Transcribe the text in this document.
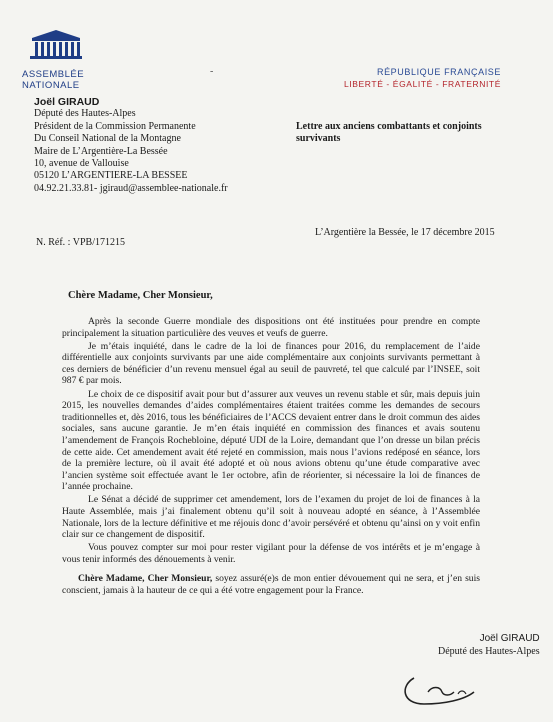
ASSEMBLÉE
NATIONALE
-	RÉPUBLIQUE FRANÇAISE
LIBERTÉ - ÉGALITÉ - FRATERNITÉ
Joël GIRAUD
Député des Hautes-Alpes
Président de la Commission Permanente
Du Conseil National de la Montagne
Maire de L’Argentière-La Bessée
10, avenue de Vallouise
05120 L’ARGENTIERE-LA BESSEE
04.92.21.33.81- jgiraud@assemblee-nationale.fr
Lettre aux anciens combattants et conjoints survivants
L’Argentière la Bessée, le 17 décembre 2015
N. Réf. : VPB/171215
Chère Madame, Cher Monsieur,

Après la seconde Guerre mondiale des dispositions ont été instituées pour prendre en compte principalement la situation particulière des veuves et veufs de guerre.

Je m’étais inquiété, dans le cadre de la loi de finances pour 2016, du remplacement de l’aide différentielle aux conjoints survivants par une aide complémentaire aux conjoints survivants permettant à ces derniers de bénéficier d’un revenu mensuel égal au seuil de pauvreté, tel que calculé par l’INSEE, soit 987 € par mois.

Le choix de ce dispositif avait pour but d’assurer aux veuves un revenu stable et sûr, mais depuis juin 2015, les nouvelles demandes d’aides complémentaires étaient traitées comme les demandes de secours traditionnelles et, dès 2016, tous les bénéficiaires de l’ACCS devaient entrer dans le droit commun des aides sociales, sans aucune garantie. Je m’en étais inquiété en commission des finances et avais soutenu l’amendement de François Rochebloine, député UDI de la Loire, demandant que l’on dresse un bilan précis de cette aide. Cet amendement avait été rejeté en commission, mais nous l’avions redéposé en séance, lors de la première lecture, où il avait été adopté et où nous avions obtenu qu’une étude comparative avec l’ancien système soit effectuée avant le 1er octobre, afin de réorienter, si nécessaire la loi de finances de l’année prochaine.

Le Sénat a décidé de supprimer cet amendement, lors de l’examen du projet de loi de finances à la Haute Assemblée, mais j’ai finalement obtenu qu’il soit à nouveau adopté en séance, à l’Assemblée Nationale, lors de la lecture définitive et me réjouis donc d’avoir persévéré et obtenu qu’ainsi on y voit enfin clair sur ce changement de dispositif.

Vous pouvez compter sur moi pour rester vigilant pour la défense de vos intérêts et je m’engage à vous tenir informés des dénouements à venir.

Chère Madame, Cher Monsieur, soyez assuré(e)s de mon entier dévouement qui ne sera, et j’en suis conscient, jamais à la hauteur de ce qui a été votre engagement pour la France.

Joël GIRAUD
Député des Hautes-Alpes
